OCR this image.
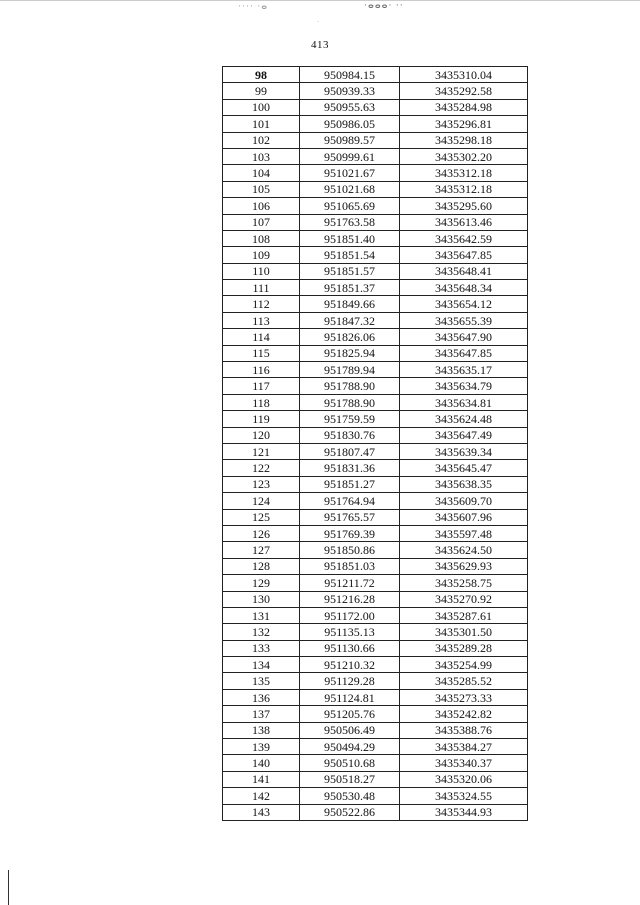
···· ·ⴰ	·ⴰⴰⴰ· ··
·
413
98	950984.15	3435310.04
99	950939.33	3435292.58
100	950955.63	3435284.98
101	950986.05	3435296.81
102	950989.57	3435298.18
103	950999.61	3435302.20
104	951021.67	3435312.18
105	951021.68	3435312.18
106	951065.69	3435295.60
107	951763.58	3435613.46
108	951851.40	3435642.59
109	951851.54	3435647.85
110	951851.57	3435648.41
111	951851.37	3435648.34
112	951849.66	3435654.12
113	951847.32	3435655.39
114	951826.06	3435647.90
115	951825.94	3435647.85
116	951789.94	3435635.17
117	951788.90	3435634.79
118	951788.90	3435634.81
119	951759.59	3435624.48
120	951830.76	3435647.49
121	951807.47	3435639.34
122	951831.36	3435645.47
123	951851.27	3435638.35
124	951764.94	3435609.70
125	951765.57	3435607.96
126	951769.39	3435597.48
127	951850.86	3435624.50
128	951851.03	3435629.93
129	951211.72	3435258.75
130	951216.28	3435270.92
131	951172.00	3435287.61
132	951135.13	3435301.50
133	951130.66	3435289.28
134	951210.32	3435254.99
135	951129.28	3435285.52
136	951124.81	3435273.33
137	951205.76	3435242.82
138	950506.49	3435388.76
139	950494.29	3435384.27
140	950510.68	3435340.37
141	950518.27	3435320.06
142	950530.48	3435324.55
143	950522.86	3435344.93
